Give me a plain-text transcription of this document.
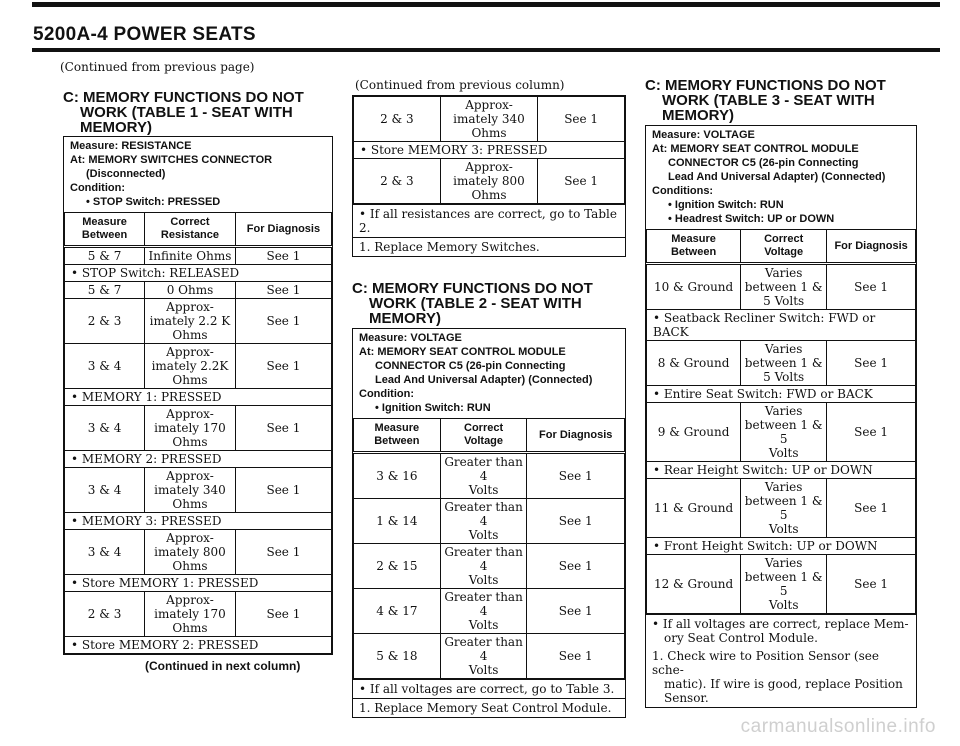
5200A-4 POWER SEATS
(Continued from previous page)
C: MEMORY FUNCTIONS DO NOT
WORK (TABLE 1 - SEAT WITH
MEMORY)
Measure: RESISTANCE
At: MEMORY SWITCHES CONNECTOR
(Disconnected)
Condition:
• STOP Switch: PRESSED
Measure
Between	Correct
Resistance	For Diagnosis
5 & 7	Infinite Ohms	See 1
• STOP Switch: RELEASED		
5 & 7	0 Ohms	See 1
2 & 3	Approx-
imately 2.2 K
Ohms	See 1
3 & 4	Approx-
imately 2.2K
Ohms	See 1
• MEMORY 1: PRESSED		
3 & 4	Approx-
imately 170
Ohms	See 1
• MEMORY 2: PRESSED		
3 & 4	Approx-
imately 340
Ohms	See 1
• MEMORY 3: PRESSED		
3 & 4	Approx-
imately 800
Ohms	See 1
• Store MEMORY 1: PRESSED		
2 & 3	Approx-
imately 170
Ohms	See 1
• Store MEMORY 2: PRESSED		
(Continued in next column)
(Continued from previous column)
2 & 3	Approx-
imately 340
Ohms	See 1
• Store MEMORY 3: PRESSED		
2 & 3	Approx-
imately 800
Ohms	See 1
• If all resistances are correct, go to Table 2.
1. Replace Memory Switches.
C: MEMORY FUNCTIONS DO NOT
WORK (TABLE 2 - SEAT WITH
MEMORY)
Measure: VOLTAGE
At: MEMORY SEAT CONTROL MODULE
CONNECTOR C5 (26-pin Connecting
Lead And Universal Adapter) (Connected)
Condition:
• Ignition Switch: RUN
Measure
Between	Correct
Voltage	For Diagnosis
3 & 16	Greater than 4
Volts	See 1
1 & 14	Greater than 4
Volts	See 1
2 & 15	Greater than 4
Volts	See 1
4 & 17	Greater than 4
Volts	See 1
5 & 18	Greater than 4
Volts	See 1
• If all voltages are correct, go to Table 3.
1. Replace Memory Seat Control Module.
C: MEMORY FUNCTIONS DO NOT
WORK (TABLE 3 - SEAT WITH
MEMORY)
Measure: VOLTAGE
At: MEMORY SEAT CONTROL MODULE
CONNECTOR C5 (26-pin Connecting
Lead And Universal Adapter) (Connected)
Conditions:
• Ignition Switch: RUN
• Headrest Switch: UP or DOWN
Measure
Between	Correct
Voltage	For Diagnosis
10 & Ground	Varies
between 1 &
5 Volts	See 1
• Seatback Recliner Switch: FWD or BACK		
8 & Ground	Varies
between 1 &
5 Volts	See 1
• Entire Seat Switch: FWD or BACK		
9 & Ground	Varies
between 1 & 5
Volts	See 1
• Rear Height Switch: UP or DOWN		
11 & Ground	Varies
between 1 & 5
Volts	See 1
• Front Height Switch: UP or DOWN		
12 & Ground	Varies
between 1 & 5
Volts	See 1
• If all voltages are correct, replace Mem-
ory Seat Control Module.
1. Check wire to Position Sensor (see sche-
matic). If wire is good, replace Position
Sensor.
carmanualsonline.info
